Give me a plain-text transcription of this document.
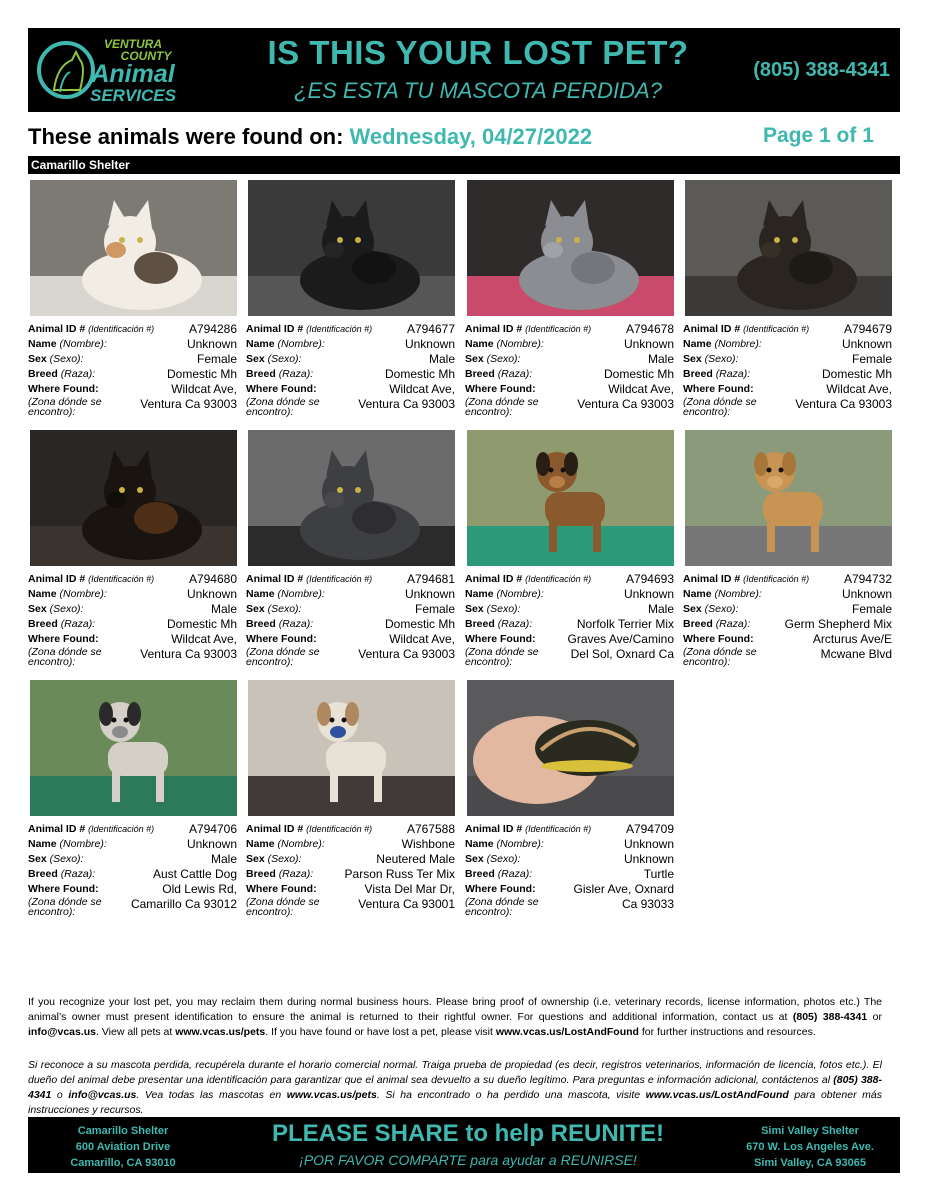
VENTURA
COUNTY
Animal
SERVICES
IS THIS YOUR LOST PET?
¿ES ESTA TU MASCOTA PERDIDA?
(805) 388-4341
These animals were found on: Wednesday, 04/27/2022	Page 1 of 1
Camarillo Shelter
Animal ID # (Identificación #)	A794286
Name (Nombre):	Unknown
Sex (Sexo):	Female
Breed (Raza):	Domestic Mh
Where Found:	Wildcat Ave,
(Zona dónde se encontro):
Ventura Ca 93003
Animal ID # (Identificación #)	A794677
Name (Nombre):	Unknown
Sex (Sexo):	Male
Breed (Raza):	Domestic Mh
Where Found:	Wildcat Ave,
(Zona dónde se encontro):
Ventura Ca 93003
Animal ID # (Identificación #)	A794678
Name (Nombre):	Unknown
Sex (Sexo):	Male
Breed (Raza):	Domestic Mh
Where Found:	Wildcat Ave,
(Zona dónde se encontro):
Ventura Ca 93003
Animal ID # (Identificación #)	A794679
Name (Nombre):	Unknown
Sex (Sexo):	Female
Breed (Raza):	Domestic Mh
Where Found:	Wildcat Ave,
(Zona dónde se encontro):
Ventura Ca 93003
Animal ID # (Identificación #)	A794680
Name (Nombre):	Unknown
Sex (Sexo):	Male
Breed (Raza):	Domestic Mh
Where Found:	Wildcat Ave,
(Zona dónde se encontro):
Ventura Ca 93003
Animal ID # (Identificación #)	A794681
Name (Nombre):	Unknown
Sex (Sexo):	Female
Breed (Raza):	Domestic Mh
Where Found:	Wildcat Ave,
(Zona dónde se encontro):
Ventura Ca 93003
Animal ID # (Identificación #)	A794693
Name (Nombre):	Unknown
Sex (Sexo):	Male
Breed (Raza):	Norfolk Terrier Mix
Where Found:	Graves Ave/Camino
(Zona dónde se encontro):
Del Sol, Oxnard Ca
Animal ID # (Identificación #)	A794732
Name (Nombre):	Unknown
Sex (Sexo):	Female
Breed (Raza):	Germ Shepherd Mix
Where Found:	Arcturus Ave/E
(Zona dónde se encontro):
Mcwane Blvd
Animal ID # (Identificación #)	A794706
Name (Nombre):	Unknown
Sex (Sexo):	Male
Breed (Raza):	Aust Cattle Dog
Where Found:	Old Lewis Rd,
(Zona dónde se encontro):
Camarillo Ca 93012
Animal ID # (Identificación #)	A767588
Name (Nombre):	Wishbone
Sex (Sexo):	Neutered Male
Breed (Raza):	Parson Russ Ter Mix
Where Found:	Vista Del Mar Dr,
(Zona dónde se encontro):
Ventura Ca 93001
Animal ID # (Identificación #)	A794709
Name (Nombre):	Unknown
Sex (Sexo):	Unknown
Breed (Raza):	Turtle
Where Found:	Gisler Ave, Oxnard
(Zona dónde se encontro):
Ca 93033
If you recognize your lost pet, you may reclaim them during normal business hours. Please bring proof of ownership (i.e. veterinary records, license information, photos etc.) The animal’s owner must present identification to ensure the animal is returned to their rightful owner. For questions and additional information, contact us at (805) 388-4341 or info@vcas.us. View all pets at www.vcas.us/pets. If you have found or have lost a pet, please visit www.vcas.us/LostAndFound for further instructions and resources.
Si reconoce a su mascota perdida, recupérela durante el horario comercial normal. Traiga prueba de propiedad (es decir, registros veterinarios, información de licencia, fotos etc.). El dueño del animal debe presentar una identificación para garantizar que el animal sea devuelto a su dueño legítimo. Para preguntas e información adicional, contáctenos al (805) 388-4341 o info@vcas.us. Vea todas las mascotas en www.vcas.us/pets. Si ha encontrado o ha perdido una mascota, visite www.vcas.us/LostAndFound para obtener más instrucciones y recursos.
Camarillo Shelter
600 Aviation Drive
Camarillo, CA 93010
PLEASE SHARE to help REUNITE!
¡POR FAVOR COMPARTE para ayudar a REUNIRSE!
Simi Valley Shelter
670 W. Los Angeles Ave.
Simi Valley, CA 93065
